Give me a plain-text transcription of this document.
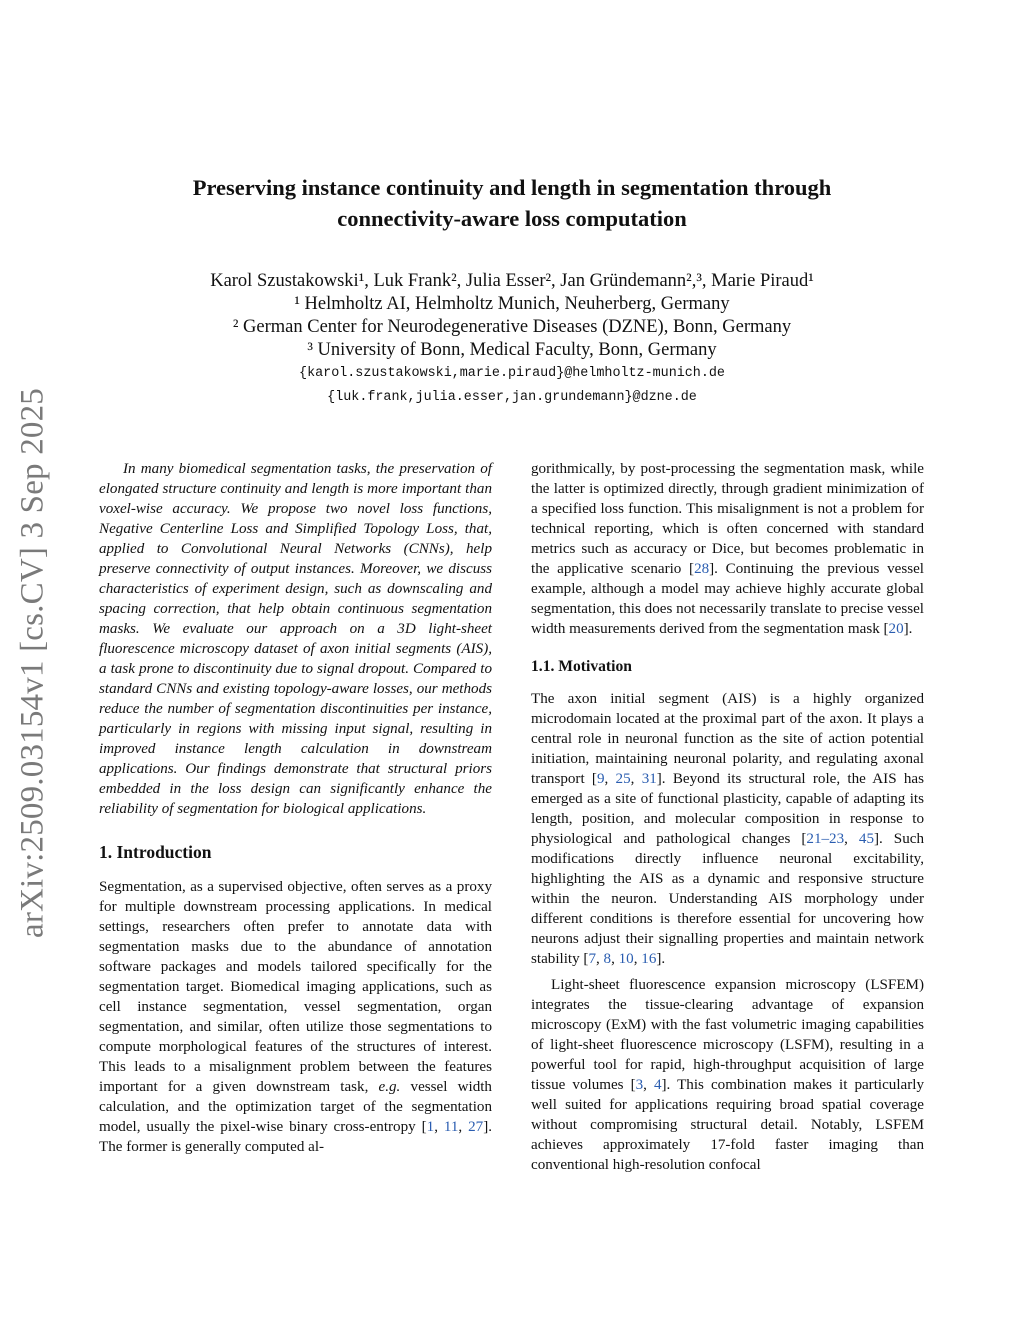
arXiv:2509.03154v1 [cs.CV] 3 Sep 2025
Preserving instance continuity and length in segmentation through
connectivity-aware loss computation
Karol Szustakowski¹, Luk Frank², Julia Esser², Jan Gründemann²,³, Marie Piraud¹
¹ Helmholtz AI, Helmholtz Munich, Neuherberg, Germany
² German Center for Neurodegenerative Diseases (DZNE), Bonn, Germany
³ University of Bonn, Medical Faculty, Bonn, Germany
{karol.szustakowski,marie.piraud}@helmholtz-munich.de
{luk.frank,julia.esser,jan.grundemann}@dzne.de

In many biomedical segmentation tasks, the preservation of elongated structure continuity and length is more important than voxel-wise accuracy. We propose two novel loss functions, Negative Centerline Loss and Simplified Topology Loss, that, applied to Convolutional Neural Networks (CNNs), help preserve connectivity of output instances. Moreover, we discuss characteristics of experiment design, such as downscaling and spacing correction, that help obtain continuous segmentation masks. We evaluate our approach on a 3D light-sheet fluorescence microscopy dataset of axon initial segments (AIS), a task prone to discontinuity due to signal dropout. Compared to standard CNNs and existing topology-aware losses, our methods reduce the number of segmentation discontinuities per instance, particularly in regions with missing input signal, resulting in improved instance length calculation in downstream applications. Our findings demonstrate that structural priors embedded in the loss design can significantly enhance the reliability of segmentation for biological applications.

1. Introduction

Segmentation, as a supervised objective, often serves as a proxy for multiple downstream processing applications. In medical settings, researchers often prefer to annotate data with segmentation masks due to the abundance of annotation software packages and models tailored specifically for the segmentation target. Biomedical imaging applications, such as cell instance segmentation, vessel segmentation, organ segmentation, and similar, often utilize those segmentations to compute morphological features of the structures of interest. This leads to a misalignment problem between the features important for a given downstream task, e.g. vessel width calculation, and the optimization target of the segmentation model, usually the pixel-wise binary cross-entropy [1, 11, 27]. The former is generally computed al-

gorithmically, by post-processing the segmentation mask, while the latter is optimized directly, through gradient minimization of a specified loss function. This misalignment is not a problem for technical reporting, which is often concerned with standard metrics such as accuracy or Dice, but becomes problematic in the applicative scenario [28]. Continuing the previous vessel example, although a model may achieve highly accurate global segmentation, this does not necessarily translate to precise vessel width measurements derived from the segmentation mask [20].

1.1. Motivation

The axon initial segment (AIS) is a highly organized microdomain located at the proximal part of the axon. It plays a central role in neuronal function as the site of action potential initiation, maintaining neuronal polarity, and regulating axonal transport [9, 25, 31]. Beyond its structural role, the AIS has emerged as a site of functional plasticity, capable of adapting its length, position, and molecular composition in response to physiological and pathological changes [21–23, 45]. Such modifications directly influence neuronal excitability, highlighting the AIS as a dynamic and responsive structure within the neuron. Understanding AIS morphology under different conditions is therefore essential for uncovering how neurons adjust their signalling properties and maintain network stability [7, 8, 10, 16].

Light-sheet fluorescence expansion microscopy (LSFEM) integrates the tissue-clearing advantage of expansion microscopy (ExM) with the fast volumetric imaging capabilities of light-sheet fluorescence microscopy (LSFM), resulting in a powerful tool for rapid, high-throughput acquisition of large tissue volumes [3, 4]. This combination makes it particularly well suited for applications requiring broad spatial coverage without compromising structural detail. Notably, LSFEM achieves approximately 17-fold faster imaging than conventional high-resolution confocal
